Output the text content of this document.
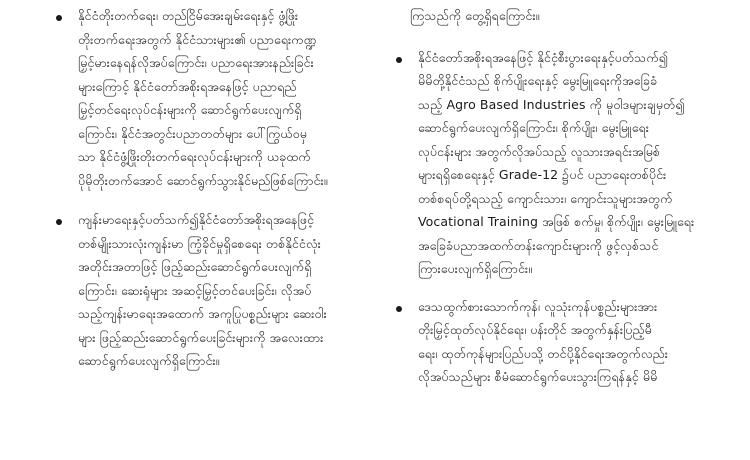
နိုင်ငံတိုးတက်ရေး၊ တည်ငြိမ်အေးချမ်းရေးနှင့် ဖွံ့ဖြိုး
တိုးတက်ရေးအတွက် နိုင်ငံသားများ၏ ပညာရေးကဏ္ဍ
မြှင့်မားနေရန်လိုအပ်ကြောင်း၊ ပညာရေးအားနည်းခြင်း
များကြောင့် နိုင်ငံတော်အစိုးရအနေဖြင့် ပညာရည်
မြှင့်တင်ရေးလုပ်ငန်းများကို ဆောင်ရွက်ပေးလျက်ရှိ
ကြောင်း၊ နိုင်ငံအတွင်းပညာတတ်များ ပေါ်ကြွယ်ဝမှ
သာ နိုင်ငံဖွံ့ဖြိုးတိုးတက်ရေးလုပ်ငန်းများကို ယခုထက်
ပိုမိုတိုးတက်အောင် ဆောင်ရွက်သွားနိုင်မည်ဖြစ်ကြောင်း။
ကျန်းမာရေးနှင့်ပတ်သက်၍နိုင်ငံတော်အစိုးရအနေဖြင့်
တစ်မျိုးသားလုံးကျန်းမာ ကြံ့ခိုင်မှုရှိစေရေး တစ်နိုင်ငံလုံး
အတိုင်းအတာဖြင့် ဖြည့်ဆည်းဆောင်ရွက်ပေးလျက်ရှိ
ကြောင်း၊ ဆေးရုံများ အဆင့်မြှင့်တင်ပေးခြင်း၊ လိုအပ်
သည့်ကျန်းမာရေးအထောက် အကူပြုပစ္စည်းများ ဆေးဝါး
များ ဖြည့်ဆည်းဆောင်ရွက်ပေးခြင်းများကို အလေးထား
ဆောင်ရွက်ပေးလျက်ရှိကြောင်း။
ကြသည်ကို တွေ့ရှိရကြောင်း။
နိုင်ငံတော်အစိုးရအနေဖြင့် နိုင်ငံ့စီးပွားရေးနှင့်ပတ်သက်၍
မိမိတို့နိုင်ငံသည် စိုက်ပျိုးရေးနှင့် မွေးမြူရေးကိုအခြေခံ
သည့် Agro Based Industries ကို မူဝါဒများချမှတ်၍
ဆောင်ရွက်ပေးလျက်ရှိကြောင်း၊ စိုက်ပျိုး၊ မွေးမြူရေး
လုပ်ငန်းများ အတွက်လိုအပ်သည့် လူသားအရင်းအမြစ်
များရရှိစေရေးနှင့် Grade-12 ၌ပင် ပညာရေးတစ်ပိုင်း
တစ်စရပ်တို့ရသည့် ကျောင်းသား၊ ကျောင်းသူများအတွက်
Vocational Training အဖြစ် စက်မှု၊ စိုက်ပျိုး၊ မွေးမြူရေး
အခြေခံပညာအထက်တန်းကျောင်းများကို ဖွင့်လှစ်သင်
ကြားပေးလျက်ရှိကြောင်း။
ဒေသထွက်စားသောက်ကုန်၊ လူသုံးကုန်ပစ္စည်းများအား
တိုးမြှင့်ထုတ်လုပ်နိုင်ရေး၊ ပန်းတိုင် အတွက်နှန်းပြည့်မီ
ရေး၊ ထုတ်ကုန်များပြည်ပသို့ တင်ပို့နိုင်ရေးအတွက်လည်း
လိုအပ်သည်များ စီမံဆောင်ရွက်ပေးသွားကြရန်နှင့် မိမိ
